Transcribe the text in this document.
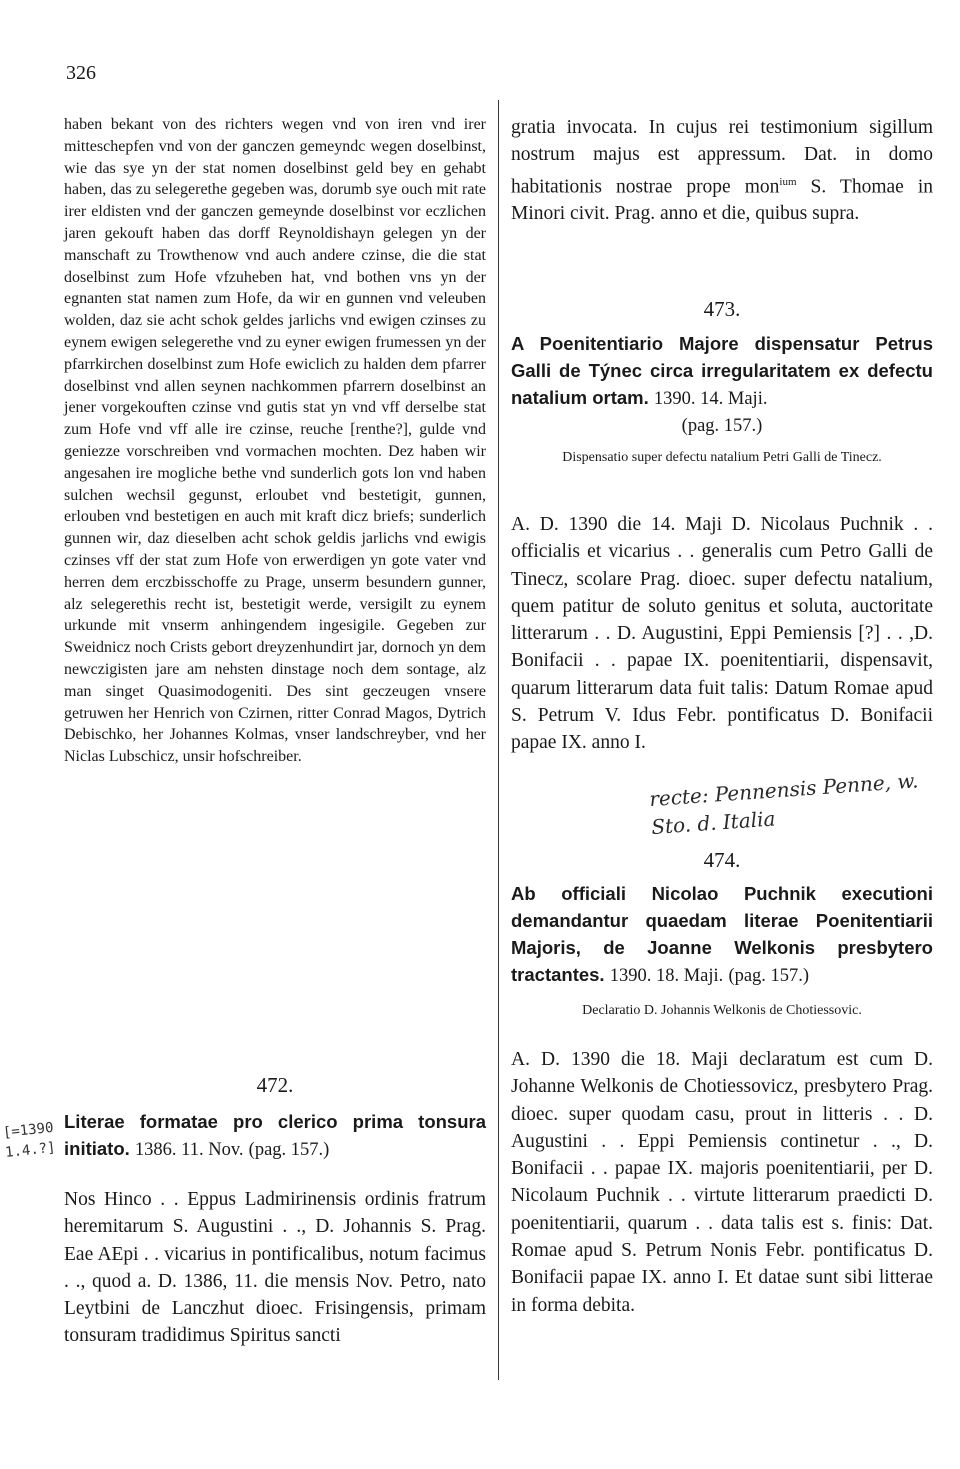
326

haben bekant von des richters wegen vnd von iren vnd irer mitteschepfen vnd von der ganczen gemeyndc wegen doselbinst, wie das sye yn der stat nomen doselbinst geld bey en gehabt haben, das zu selegerethe gegeben was, dorumb sye ouch mit rate irer eldisten vnd der ganczen gemeynde doselbinst vor eczlichen jaren gekouft haben das dorff Reynoldishayn gelegen yn der manschaft zu Trowthenow vnd auch andere czinse, die die stat doselbinst zum Hofe vfzuheben hat, vnd bothen vns yn der egnanten stat namen zum Hofe, da wir en gunnen vnd veleuben wolden, daz sie acht schok geldes jarlichs vnd ewigen czinses zu eynem ewigen selegerethe vnd zu eyner ewigen frumessen yn der pfarrkirchen doselbinst zum Hofe ewiclich zu halden dem pfarrer doselbinst vnd allen seynen nachkommen pfarrern doselbinst an jener vorgekouften czinse vnd gutis stat yn vnd vff derselbe stat zum Hofe vnd vff alle ire czinse, reuche [renthe?], gulde vnd geniezze vorschreiben vnd vormachen mochten. Dez haben wir angesahen ire mogliche bethe vnd sunderlich gots lon vnd haben sulchen wechsil gegunst, erloubet vnd bestetigit, gunnen, erlouben vnd bestetigen en auch mit kraft dicz briefs; sunderlich gunnen wir, daz dieselben acht schok geldis jarlichs vnd ewigis czinses vff der stat zum Hofe von erwerdigen yn gote vater vnd herren dem erczbisschoffe zu Prage, unserm besundern gunner, alz selegerethis recht ist, bestetigit werde, versigilt zu eynem urkunde mit vnserm anhingendem ingesigile. Gegeben zur Sweidnicz noch Crists gebort dreyzenhundirt jar, dornoch yn dem newczigisten jare am nehsten dinstage noch dem sontage, alz man singet Quasimodogeniti. Des sint geczeugen vnsere getruwen her Henrich von Czirnen, ritter Conrad Magos, Dytrich Debischko, her Johannes Kolmas, vnser landschreyber, vnd her Niclas Lubschicz, unsir hofschreiber.

472.
Literae formatae pro clerico prima tonsura initiato. 1386. 11. Nov. (pag. 157.)
[=1390 1.4.?]

Nos Hinco . . Eppus Ladmirinensis ordinis fratrum heremitarum S. Augustini . ., D. Johannis S. Prag. Eae AEpi . . vicarius in pontificalibus, notum facimus . ., quod a. D. 1386, 11. die mensis Nov. Petro, nato Leytbini de Lanczhut dioec. Frisingensis, primam tonsuram tradidimus Spiritus sancti

gratia invocata. In cujus rei testimonium sigillum nostrum majus est appressum. Dat. in domo habitationis nostrae prope mon$^{ium}$ S. Thomae in Minori civit. Prag. anno et die, quibus supra.

473.
A Poenitentiario Majore dispensatur Petrus Galli de Týnec circa irregularitatem ex defectu natalium ortam. 1390. 14. Maji.
(pag. 157.)

Dispensatio super defectu natalium Petri Galli de Tinecz.

A. D. 1390 die 14. Maji D. Nicolaus Puchnik . . officialis et vicarius . . generalis cum Petro Galli de Tinecz, scolare Prag. dioec. super defectu natalium, quem patitur de soluto genitus et soluta, auctoritate litterarum . . D. Augustini, Eppi Pemiensis [?] . . ,D. Bonifacii . . papae IX. poenitentiarii, dispensavit, quarum litterarum data fuit talis: Datum Romae apud S. Petrum V. Idus Febr. pontificatus D. Bonifacii papae IX. anno I.

recte: Pennensis Penne, w. Sto. d. Italia
474.
Ab officiali Nicolao Puchnik executioni demandantur quaedam literae Poenitentiarii Majoris, de Joanne Welkonis presbytero tractantes. 1390. 18. Maji. (pag. 157.)

Declaratio D. Johannis Welkonis de Chotiessovic.

A. D. 1390 die 18. Maji declaratum est cum D. Johanne Welkonis de Chotiessovicz, presbytero Prag. dioec. super quodam casu, prout in litteris . . D. Augustini . . Eppi Pemiensis continetur . ., D. Bonifacii . . papae IX. majoris poenitentiarii, per D. Nicolaum Puchnik . . virtute litterarum praedicti D. poenitentiarii, quarum . . data talis est s. finis: Dat. Romae apud S. Petrum Nonis Febr. pontificatus D. Bonifacii papae IX. anno I. Et datae sunt sibi litterae in forma debita.
